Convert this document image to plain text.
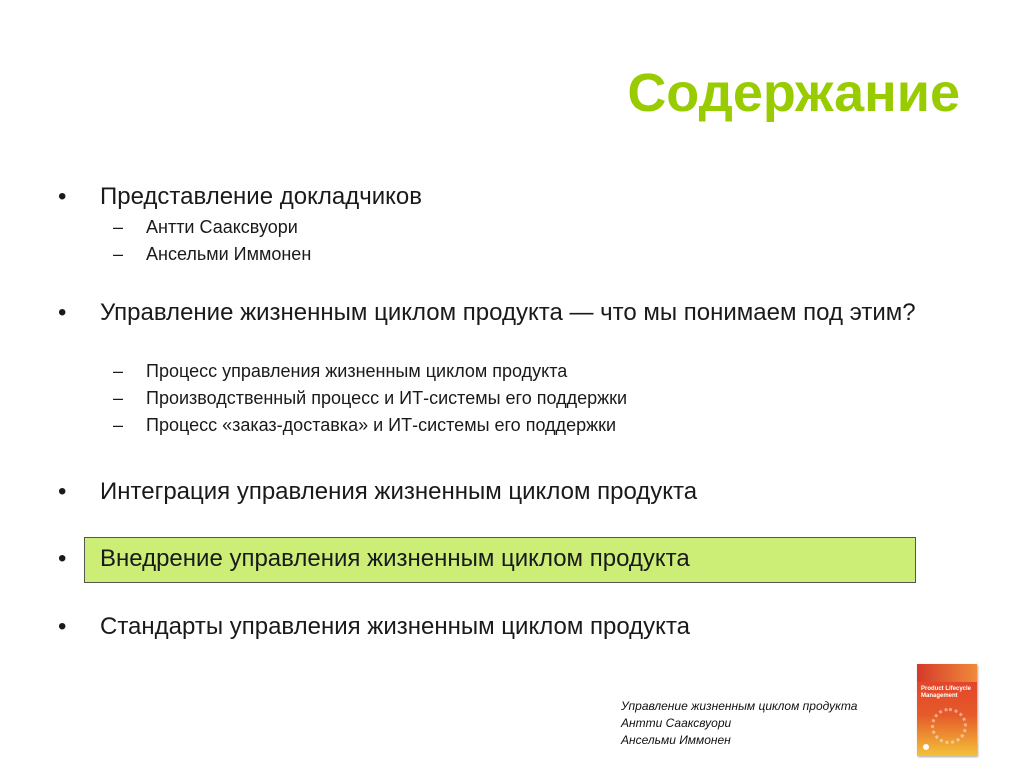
Содержание
• Представление докладчиков
– Антти Сааксвуори
– Ансельми Иммонен
• Управление жизненным циклом продукта — что мы понимаем под этим?
– Процесс управления жизненным циклом продукта
– Производственный процесс и ИТ-системы его поддержки
– Процесс «заказ-доставка» и ИТ-системы его поддержки
• Интеграция управления жизненным циклом продукта
• Внедрение управления жизненным циклом продукта
• Стандарты управления жизненным циклом продукта
Управление жизненным циклом продукта
Антти Сааксвуори
Ансельми Иммонен
Product Lifecycle Management
